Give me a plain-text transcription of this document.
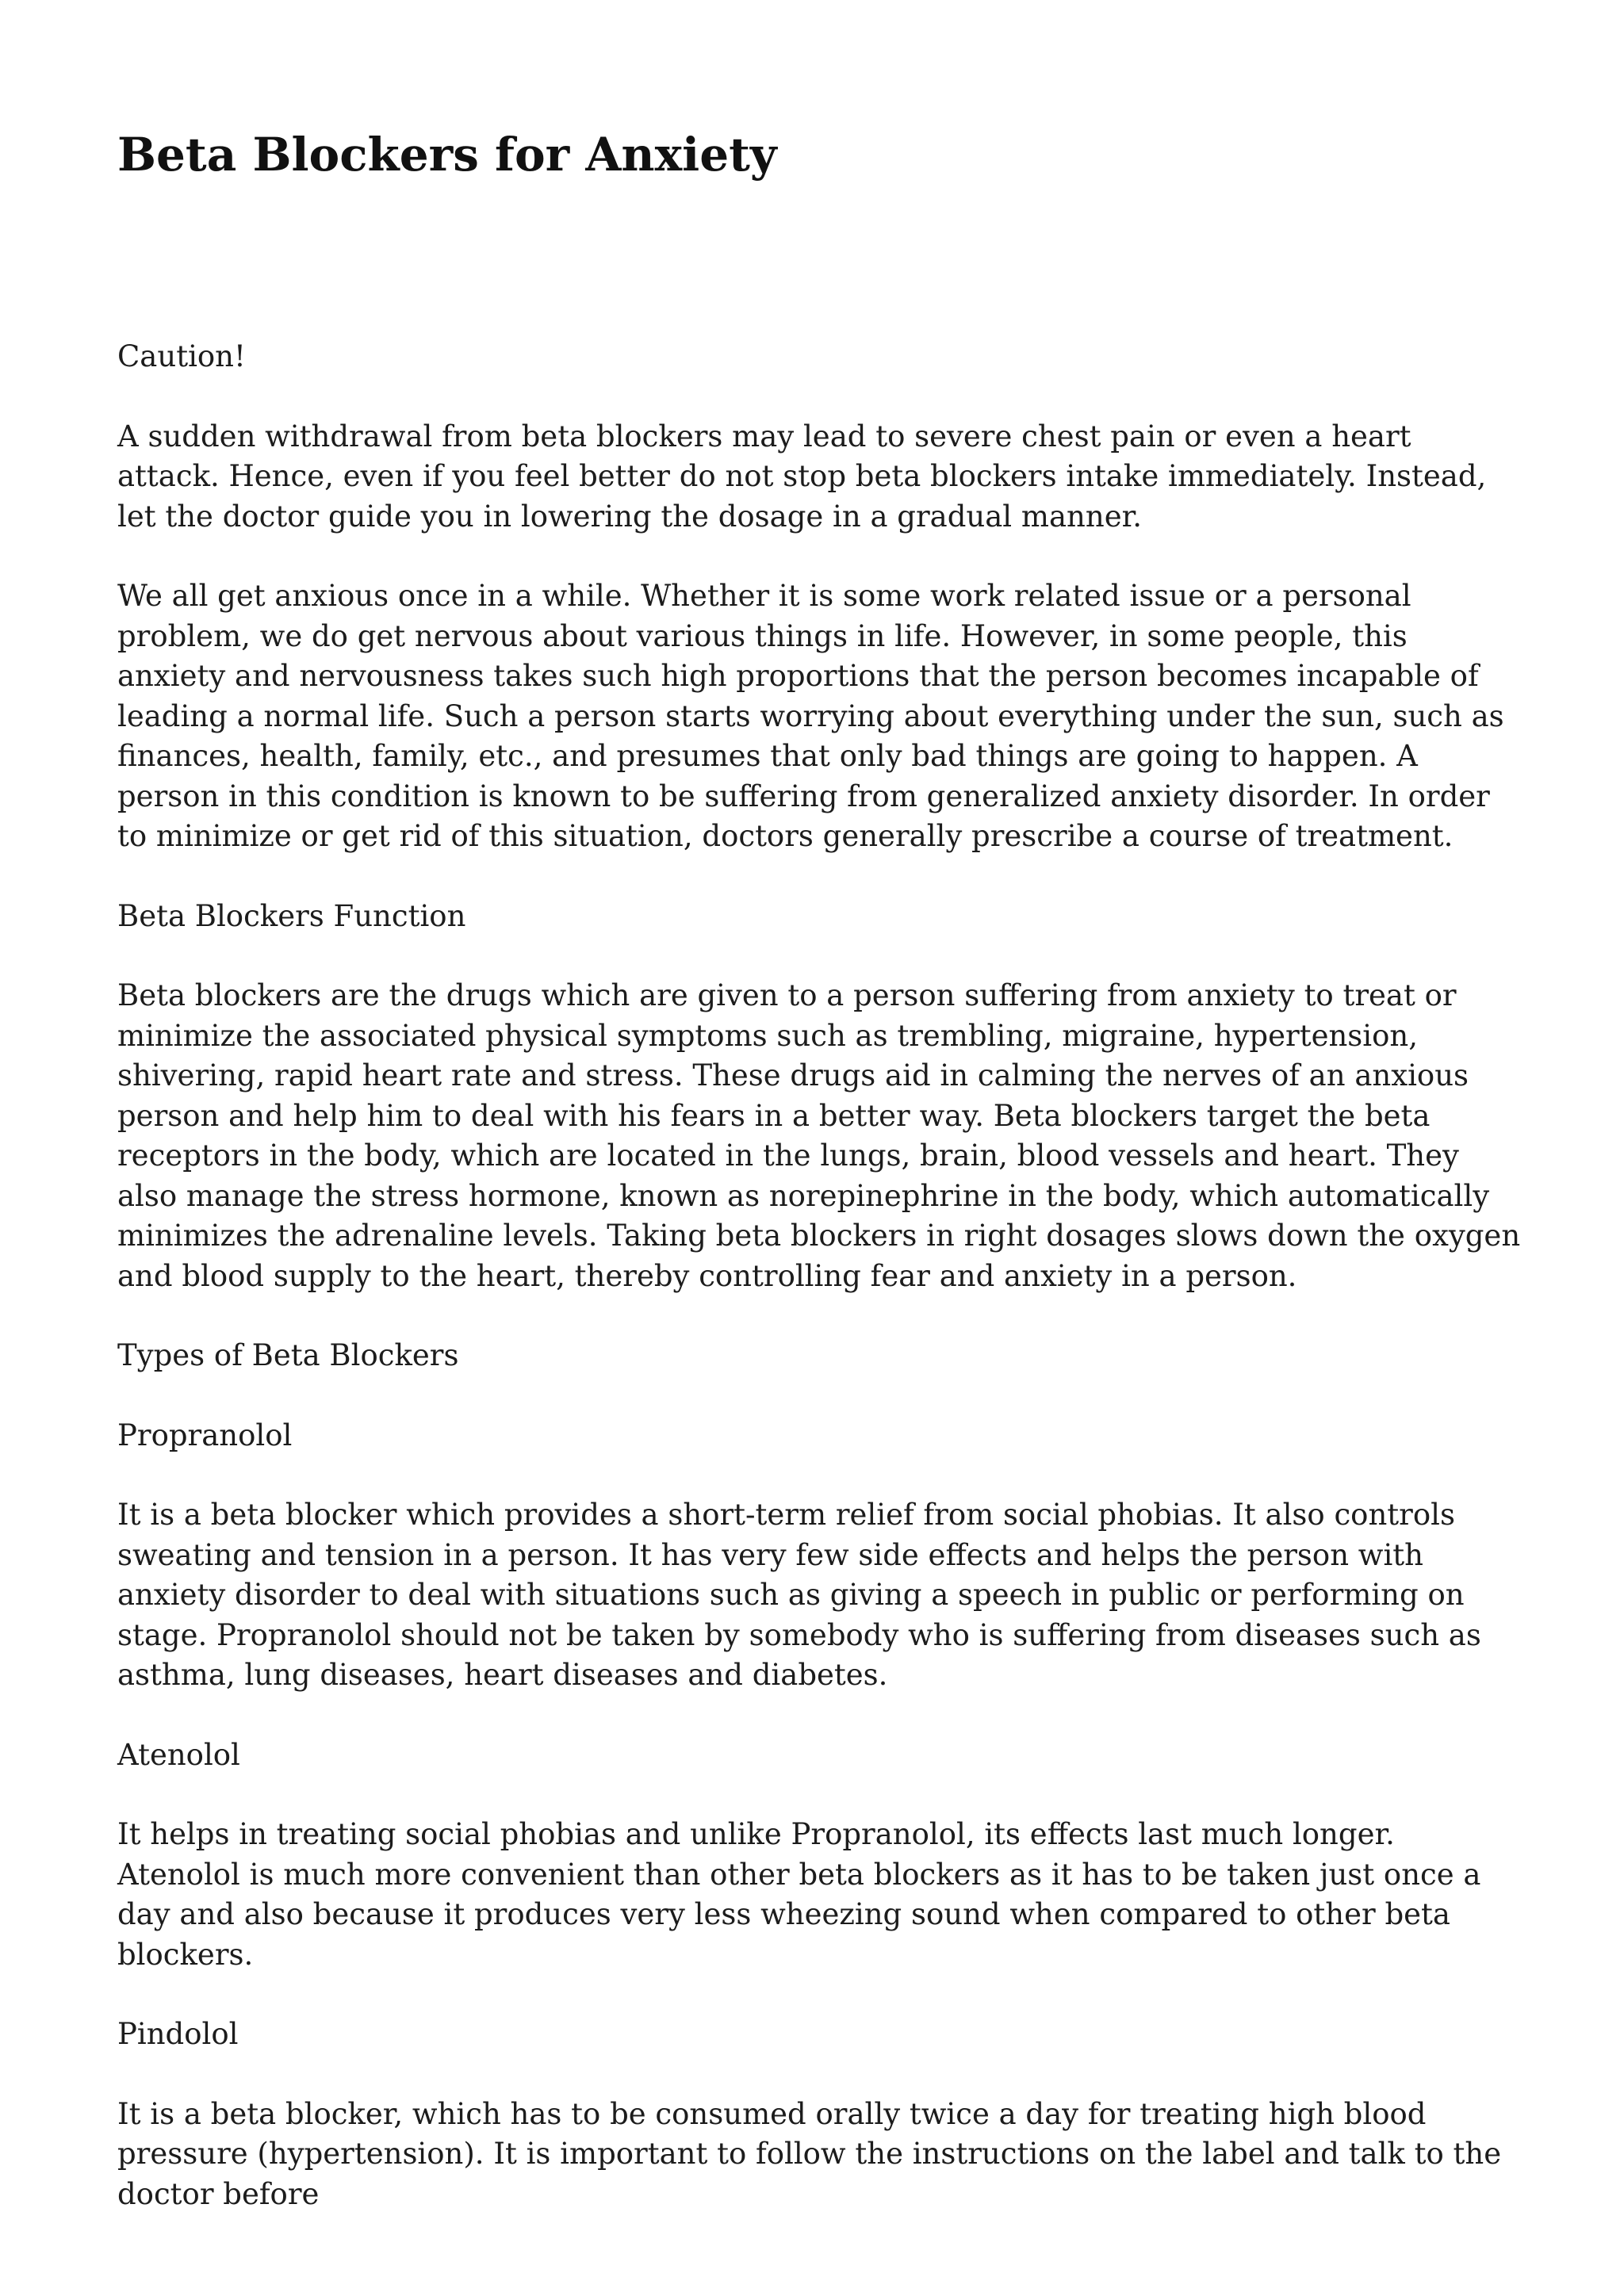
Beta Blockers for Anxiety

Caution!

A sudden withdrawal from beta blockers may lead to severe chest pain or even a heart attack. Hence, even if you feel better do not stop beta blockers intake immediately. Instead, let the doctor guide you in lowering the dosage in a gradual manner.

We all get anxious once in a while. Whether it is some work related issue or a personal problem, we do get nervous about various things in life. However, in some people, this anxiety and nervousness takes such high proportions that the person becomes incapable of leading a normal life. Such a person starts worrying about everything under the sun, such as finances, health, family, etc., and presumes that only bad things are going to happen. A person in this condition is known to be suffering from generalized anxiety disorder. In order to minimize or get rid of this situation, doctors generally prescribe a course of treatment.

Beta Blockers Function

Beta blockers are the drugs which are given to a person suffering from anxiety to treat or minimize the associated physical symptoms such as trembling, migraine, hypertension, shivering, rapid heart rate and stress. These drugs aid in calming the nerves of an anxious person and help him to deal with his fears in a better way. Beta blockers target the beta receptors in the body, which are located in the lungs, brain, blood vessels and heart. They also manage the stress hormone, known as norepinephrine in the body, which automatically minimizes the adrenaline levels. Taking beta blockers in right dosages slows down the oxygen and blood supply to the heart, thereby controlling fear and anxiety in a person.

Types of Beta Blockers

Propranolol

It is a beta blocker which provides a short-term relief from social phobias. It also controls sweating and tension in a person. It has very few side effects and helps the person with anxiety disorder to deal with situations such as giving a speech in public or performing on stage. Propranolol should not be taken by somebody who is suffering from diseases such as asthma, lung diseases, heart diseases and diabetes.

Atenolol

It helps in treating social phobias and unlike Propranolol, its effects last much longer. Atenolol is much more convenient than other beta blockers as it has to be taken just once a day and also because it produces very less wheezing sound when compared to other beta blockers.

Pindolol

It is a beta blocker, which has to be consumed orally twice a day for treating high blood pressure (hypertension). It is important to follow the instructions on the label and talk to the doctor before
